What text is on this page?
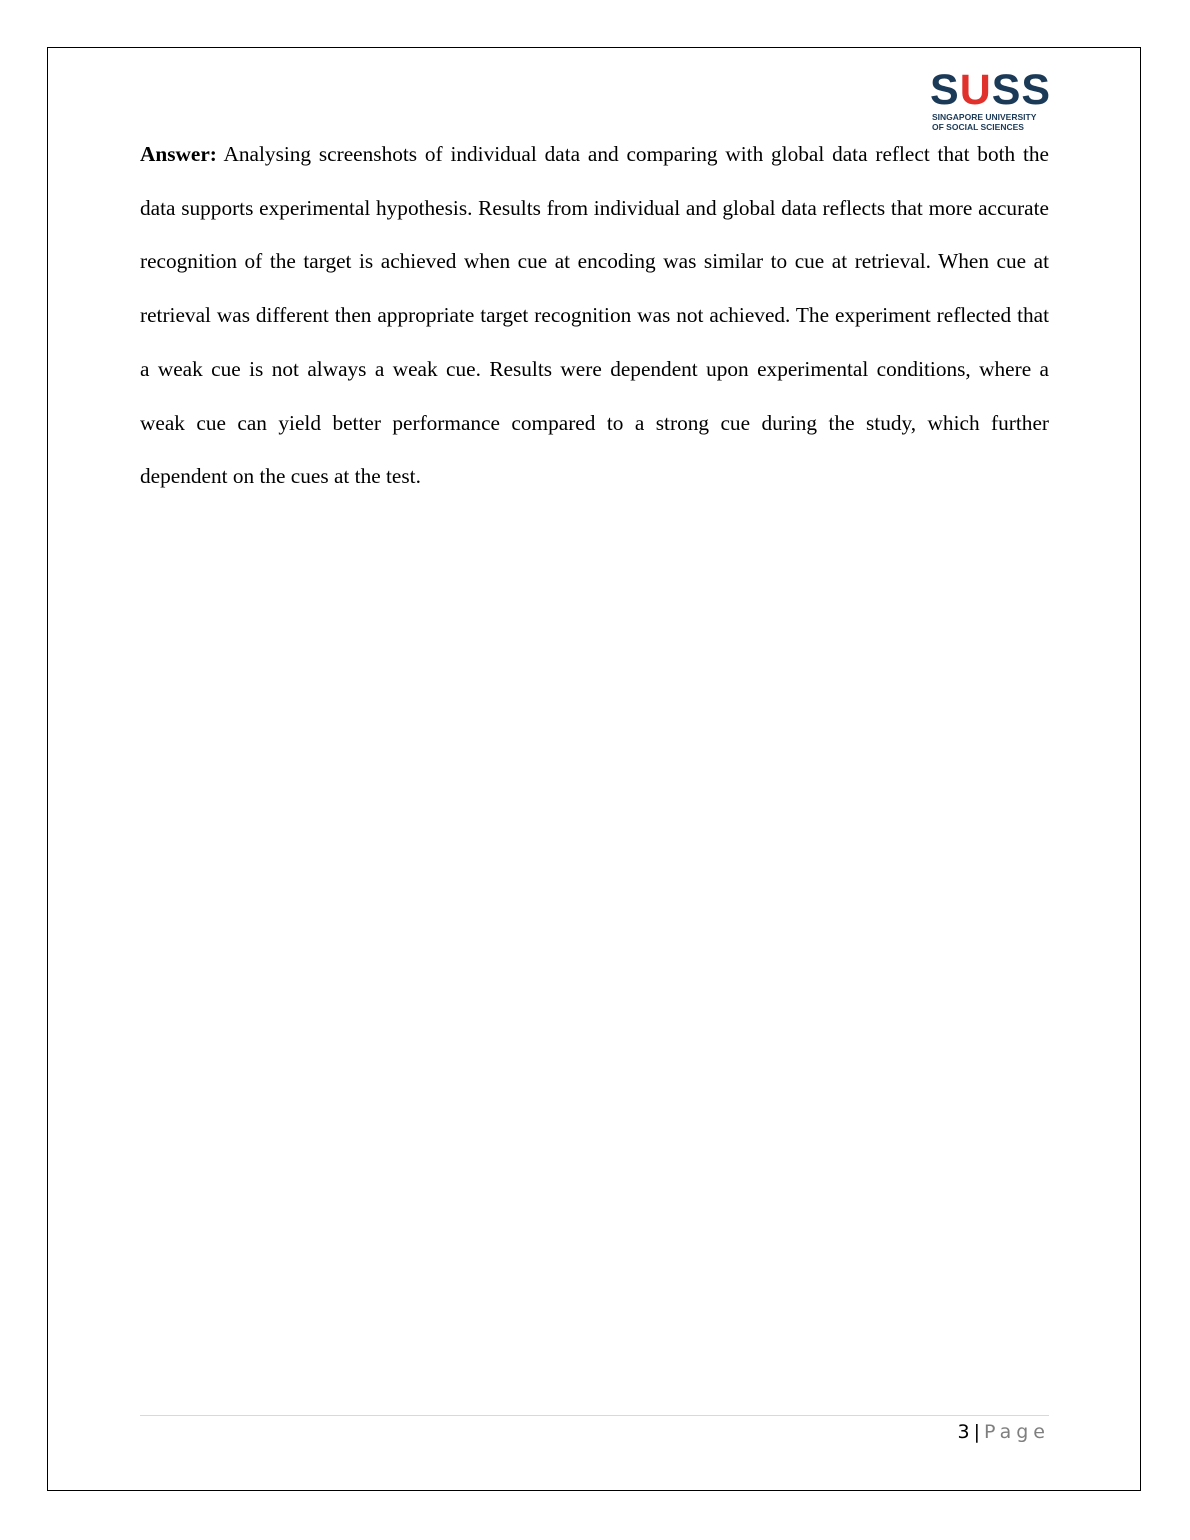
SUSS
SINGAPORE UNIVERSITY
OF SOCIAL SCIENCES

Answer: Analysing screenshots of individual data and comparing with global data reflect that both the data supports experimental hypothesis. Results from individual and global data reflects that more accurate recognition of the target is achieved when cue at encoding was similar to cue at retrieval. When cue at retrieval was different then appropriate target recognition was not achieved. The experiment reflected that a weak cue is not always a weak cue. Results were dependent upon experimental conditions, where a weak cue can yield better performance compared to a strong cue during the study, which further dependent on the cues at the test.

3 | Page
